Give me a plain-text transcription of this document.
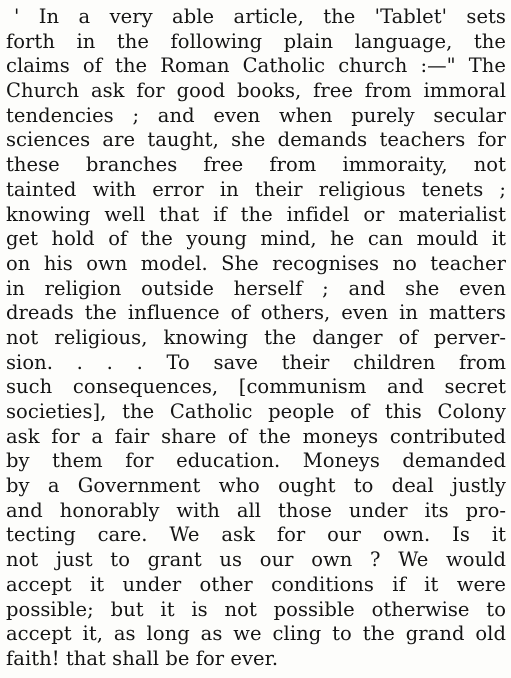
' In a very able article, the 'Tablet' sets
forth in the following plain language, the
claims of the Roman Catholic church :—" The
Church ask for good books, free from immoral
tendencies ; and even when purely secular
sciences are taught, she demands teachers for
these branches free from immoraity, not
tainted with error in their religious tenets ;
knowing well that if the infidel or materialist
get hold of the young mind, he can mould it
on his own model. She recognises no teacher
in religion outside herself ; and she even
dreads the influence of others, even in matters
not religious, knowing the danger of perver-
sion. . . . To save their children from
such consequences, [communism and secret
societies], the Catholic people of this Colony
ask for a fair share of the moneys contributed
by them for education. Moneys demanded
by a Government who ought to deal justly
and honorably with all those under its pro-
tecting care. We ask for our own. Is it
not just to grant us our own ? We would
accept it under other conditions if it were
possible; but it is not possible otherwise to
accept it, as long as we cling to the grand old
faith! that shall be for ever.
